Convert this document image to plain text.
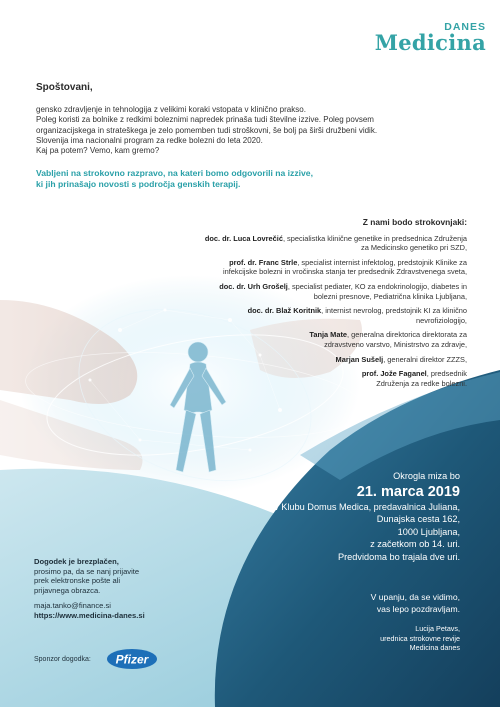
DANES
Medicina
Spoštovani,

gensko zdravljenje in tehnologija z velikimi koraki vstopata v klinično prakso.

Poleg koristi za bolnike z redkimi boleznimi napredek prinaša tudi številne izzive. Poleg povsem

organizacijskega in strateškega je zelo pomemben tudi stroškovni, še bolj pa širši družbeni vidik.

Slovenija ima nacionalni program za redke bolezni do leta 2020.

Kaj pa potem? Vemo, kam gremo?

Vabljeni na strokovno razpravo, na kateri bomo odgovorili na izzive,

ki jih prinašajo novosti s področja genskih terapij.

Z nami bodo strokovnjaki:
doc. dr. Luca Lovrečić, specialistka klinične genetike in predsednica Združenja
za Medicinsko genetiko pri SZD,
prof. dr. Franc Strle, specialist internist infektolog, predstojnik Klinike za
infekcijske bolezni in vročinska stanja ter predsednik Zdravstvenega sveta,
doc. dr. Urh Grošelj, specialist pediater, KO za endokrinologijo, diabetes in
bolezni presnove, Pediatrična klinika Ljubljana,
doc. dr. Blaž Koritnik, internist nevrolog, predstojnik KI za klinično
nevrofiziologijo,
Tanja Mate, generalna direktorica direktorata za
zdravstveno varstvo, Ministrstvo za zdravje,
Marjan Sušelj, generalni direktor ZZZS,
prof. Jože Faganel, predsednik
Združenja za redke bolezni.
Okrogla miza bo
21. marca 2019
v Klubu Domus Medica, predavalnica Juliana,
Dunajska cesta 162,
1000 Ljubljana,
z začetkom ob 14. uri.
Predvidoma bo trajala dve uri.
V upanju, da se vidimo,
vas lepo pozdravljam.
Lucija Petavs,
urednica strokovne revije
Medicina danes
Dogodek je brezplačen,
prosimo pa, da se nanj prijavite
prek elektronske pošte ali
prijavnega obrazca.
maja.tanko@finance.si
https://www.medicina-danes.si
Sponzor dogodka: Pfizer
